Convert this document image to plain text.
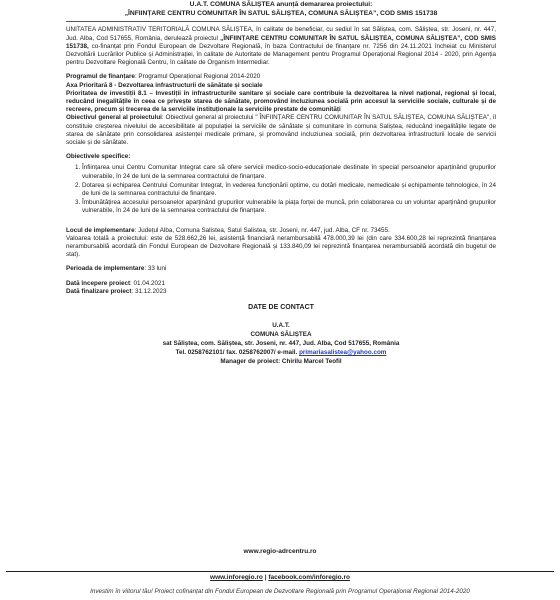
U.A.T. COMUNA SĂLIȘTEA anunță demararea proiectului:
„ÎNFIINȚARE CENTRU COMUNITAR ÎN SATUL SĂLIȘTEA, COMUNA SĂLIȘTEA”, COD SMIS 151738

UNITATEA ADMINISTRATIV TERITORIALĂ COMUNA SĂLIȘTEA, în calitate de beneficiar, cu sediul în sat Săliștea, com. Săliștea, str. Joseni, nr. 447, Jud. Alba, Cod 517655, România, derulează proiectul „ÎNFIINȚARE CENTRU COMUNITAR ÎN SATUL SĂLIȘTEA, COMUNA SĂLIȘTEA”, COD SMIS 151738, co-finanțat prin Fondul European de Dezvoltare Regională, în baza Contractului de finanțare nr. 7256 din 24.11.2021 încheiat cu Ministerul Dezvoltării Lucrărilor Publice și Administrației, în calitate de Autoritate de Management pentru Programul Operațional Regional 2014 - 2020, prin Agenția pentru Dezvoltare Regională Centru, în calitate de Organism Intermediar.

Programul de finanțare: Programul Operațional Regional 2014-2020

Axa Prioritară 8 - Dezvoltarea infrastructurii de sănătate și sociale

Prioritatea de investiții 8.1 – Investiții în infrastructurile sanitare și sociale care contribuie la dezvoltarea la nivel național, regional și local, reducând inegalitățile în ceea ce privește starea de sănătate, promovând incluziunea socială prin accesul la serviciile sociale, culturale și de recreere, precum și trecerea de la serviciile instituționale la serviciile prestate de comunități

Obiectivul general al proiectului: Obiectivul general al proiectului " ÎNFIINȚARE CENTRU COMUNITAR ÎN SATUL SĂLIȘTEA, COMUNA SĂLIȘTEA", îl constituie creșterea nivelului de accesibilitate al populației la serviciile de sănătate și comunitare în comuna Saliștea, reducând inegalitățile legate de starea de sănătate prin consolidarea asistenței medicale primare, și promovând incluziunea socială, prin dezvoltarea infrastructurii locale de servicii sociale și de sănătate.

Obiectivele specifice:

1. Înființarea unui Centru Comunitar Integrat care să ofere servicii medico-socio-educaționale destinate în special persoanelor aparținând grupurilor vulnerabile, în 24 de luni de la semnarea contractului de finanțare.
2. Dotarea și echiparea Centrului Comunitar Integrat, în vederea funcționării optime, cu dotări medicale, nemedicale și echipamente tehnologice, în 24 de luni de la semnarea contractului de finanțare.
3. Îmbunătățirea accesului persoanelor aparținând grupurilor vulnerabile la piața forței de muncă, prin colaborarea cu un voluntar aparținând grupurilor vulnerabile, în 24 de luni de la semnarea contractului de finanțare.

Locul de implementare: Județul Alba, Comuna Salistea, Satul Salistea, str. Joseni, nr. 447, jud. Alba, CF nr. 73455.

Valoarea totală a proiectului: este de 528.662,26 lei, asistență financiară nerambursabilă 478.000,39 lei (din care 334.600,28 lei reprezintă finanțarea nerambursabilă acordată din Fondul European de Dezvoltare Regională și 133.840,09 lei reprezintă finanțarea nerambursabilă acordată din bugetul de stat).

Perioada de implementare: 33 luni

Dată începere proiect: 01.04.2021

Dată finalizare proiect: 31.12.2023

DATE DE CONTACT
U.A.T.
COMUNA SĂLIȘTEA
sat Săliștea, com. Săliștea, str. Joseni, nr. 447, Jud. Alba, Cod 517655, România
Tel. 0258762101/ fax. 0258762007/ e-mail. primariasalistea@yahoo.com
Manager de proiect: Chirilu Marcel Teofil
www.regio-adrcentru.ro
www.inforegio.ro | facebook.com/inforegio.ro
Investim în viitorul tău! Proiect cofinanțat din Fondul European de Dezvoltare Regională prin Programul Operațional Regional 2014-2020
